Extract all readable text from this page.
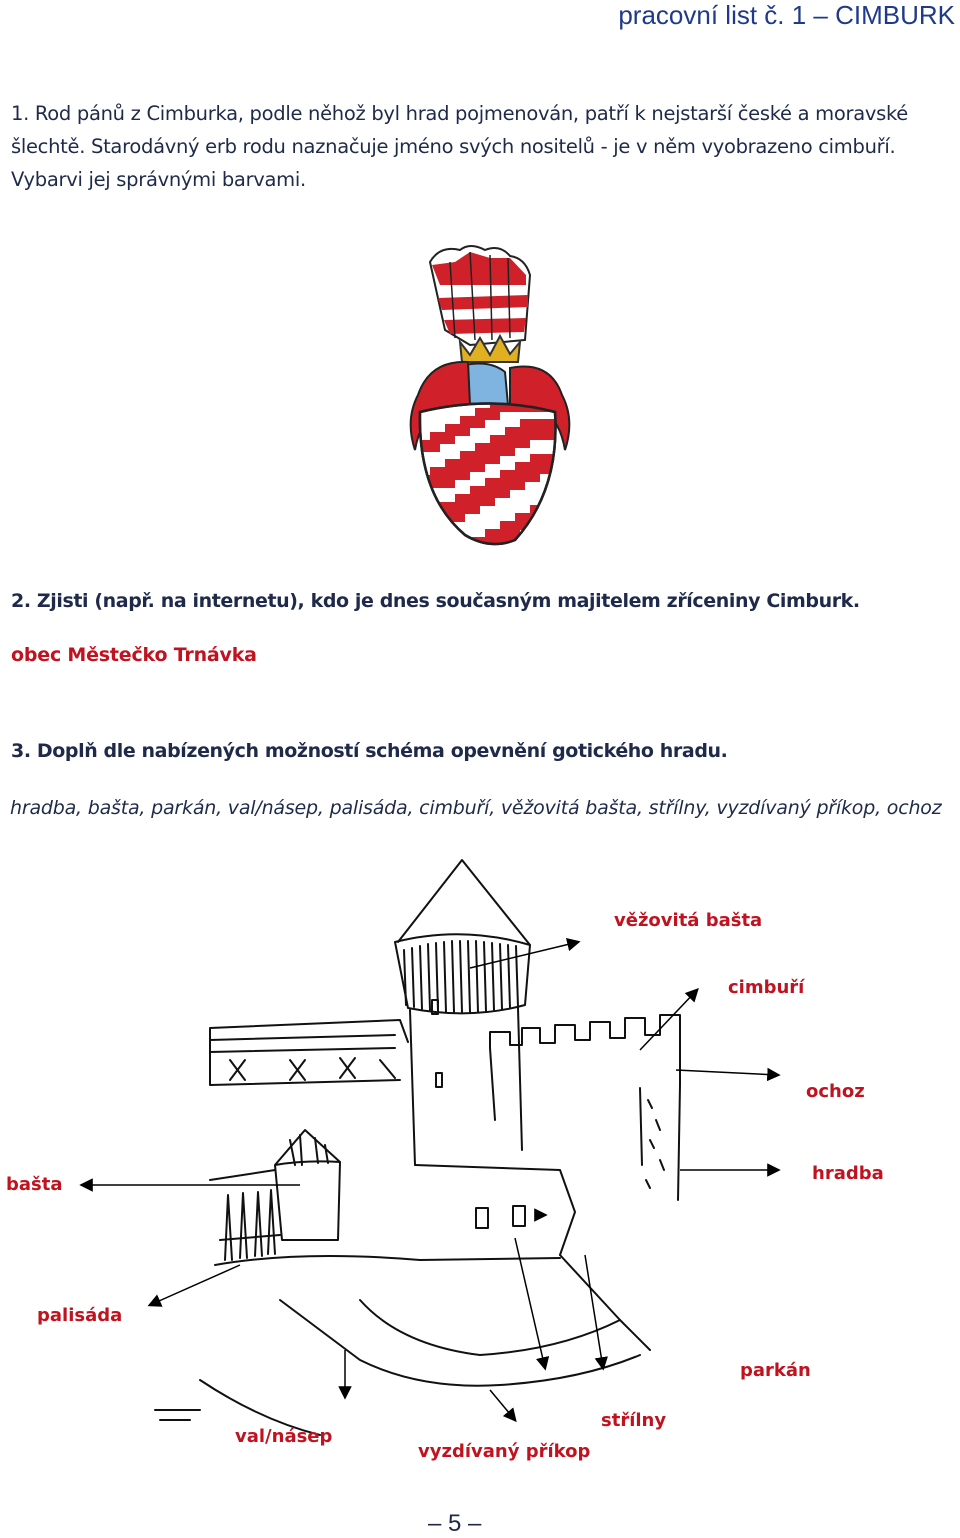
pracovní list č. 1 – CIMBURK
1. Rod pánů z Cimburka, podle něhož byl hrad pojmenován, patří k nejstarší české a moravské šlechtě. Starodávný erb rodu naznačuje jméno svých nositelů - je v něm vyobrazeno cimbuří. Vybarvi jej správnými barvami.
2. Zjisti (např. na internetu), kdo je dnes současným majitelem zříceniny Cimburk.
obec Městečko Trnávka
3. Doplň dle nabízených možností schéma opevnění gotického hradu.
hradba, bašta, parkán, val/násep, palisáda, cimbuří, věžovitá bašta, střílny, vyzdívaný příkop, ochoz
věžovitá bašta
cimbuří
ochoz
bašta
hradba
palisáda
parkán
střílny
val/násep
vyzdívaný příkop
– 5 –
